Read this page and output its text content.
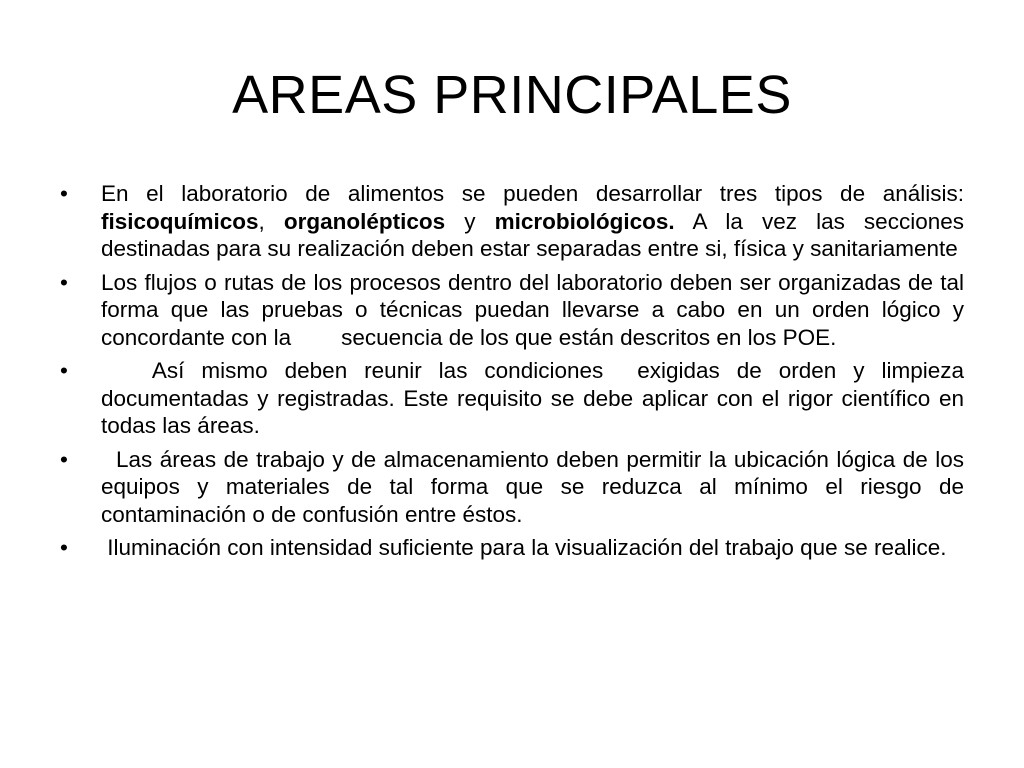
AREAS PRINCIPALES
•	En el laboratorio de alimentos se pueden desarrollar tres tipos de análisis: fisicoquímicos, organolépticos y microbiológicos. A la vez las secciones destinadas para su realización deben estar separadas entre si, física y sanitariamente
•	Los flujos o rutas de los procesos dentro del laboratorio deben ser organizadas de tal forma que las pruebas o técnicas puedan llevarse a cabo en un orden lógico y concordante con la        secuencia de los que están descritos en los POE.
•	Así mismo deben reunir las condiciones  exigidas de orden y limpieza documentadas y registradas. Este requisito se debe aplicar con el rigor científico en todas las áreas.
•	Las áreas de trabajo y de almacenamiento deben permitir la ubicación lógica de los equipos y materiales de tal forma que se reduzca al mínimo el riesgo de contaminación o de confusión entre éstos.
•	Iluminación con intensidad suficiente para la visualización del trabajo que se realice.
